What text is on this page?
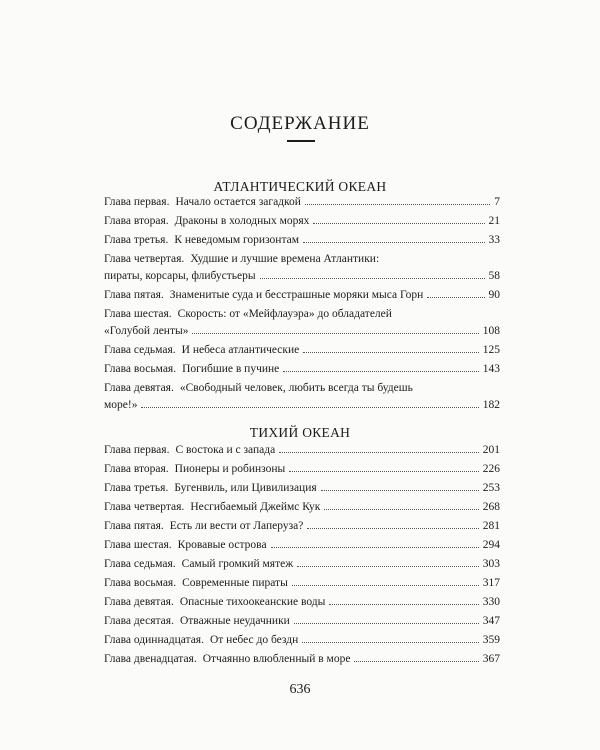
СОДЕРЖАНИЕ
АТЛАНТИЧЕСКИЙ ОКЕАН
Глава первая. Начало остается загадкой	7
Глава вторая. Драконы в холодных морях	21
Глава третья. К неведомым горизонтам	33
Глава четвертая. Худшие и лучшие времена Атлантики:
пираты, корсары, флибустьеры	58
Глава пятая. Знаменитые суда и бесстрашные моряки мыса Горн	90
Глава шестая. Скорость: от «Мейфлауэра» до обладателей
«Голубой ленты»	108
Глава седьмая. И небеса атлантические	125
Глава восьмая. Погибшие в пучине	143
Глава девятая. «Свободный человек, любить всегда ты будешь
море!»	182
ТИХИЙ ОКЕАН
Глава первая. С востока и с запада	201
Глава вторая. Пионеры и робинзоны	226
Глава третья. Бугенвиль, или Цивилизация	253
Глава четвертая. Несгибаемый Джеймс Кук	268
Глава пятая. Есть ли вести от Лаперуза?	281
Глава шестая. Кровавые острова	294
Глава седьмая. Самый громкий мятеж	303
Глава восьмая. Современные пираты	317
Глава девятая. Опасные тихоокеанские воды	330
Глава десятая. Отважные неудачники	347
Глава одиннадцатая. От небес до бездн	359
Глава двенадцатая. Отчаянно влюбленный в море	367
636
